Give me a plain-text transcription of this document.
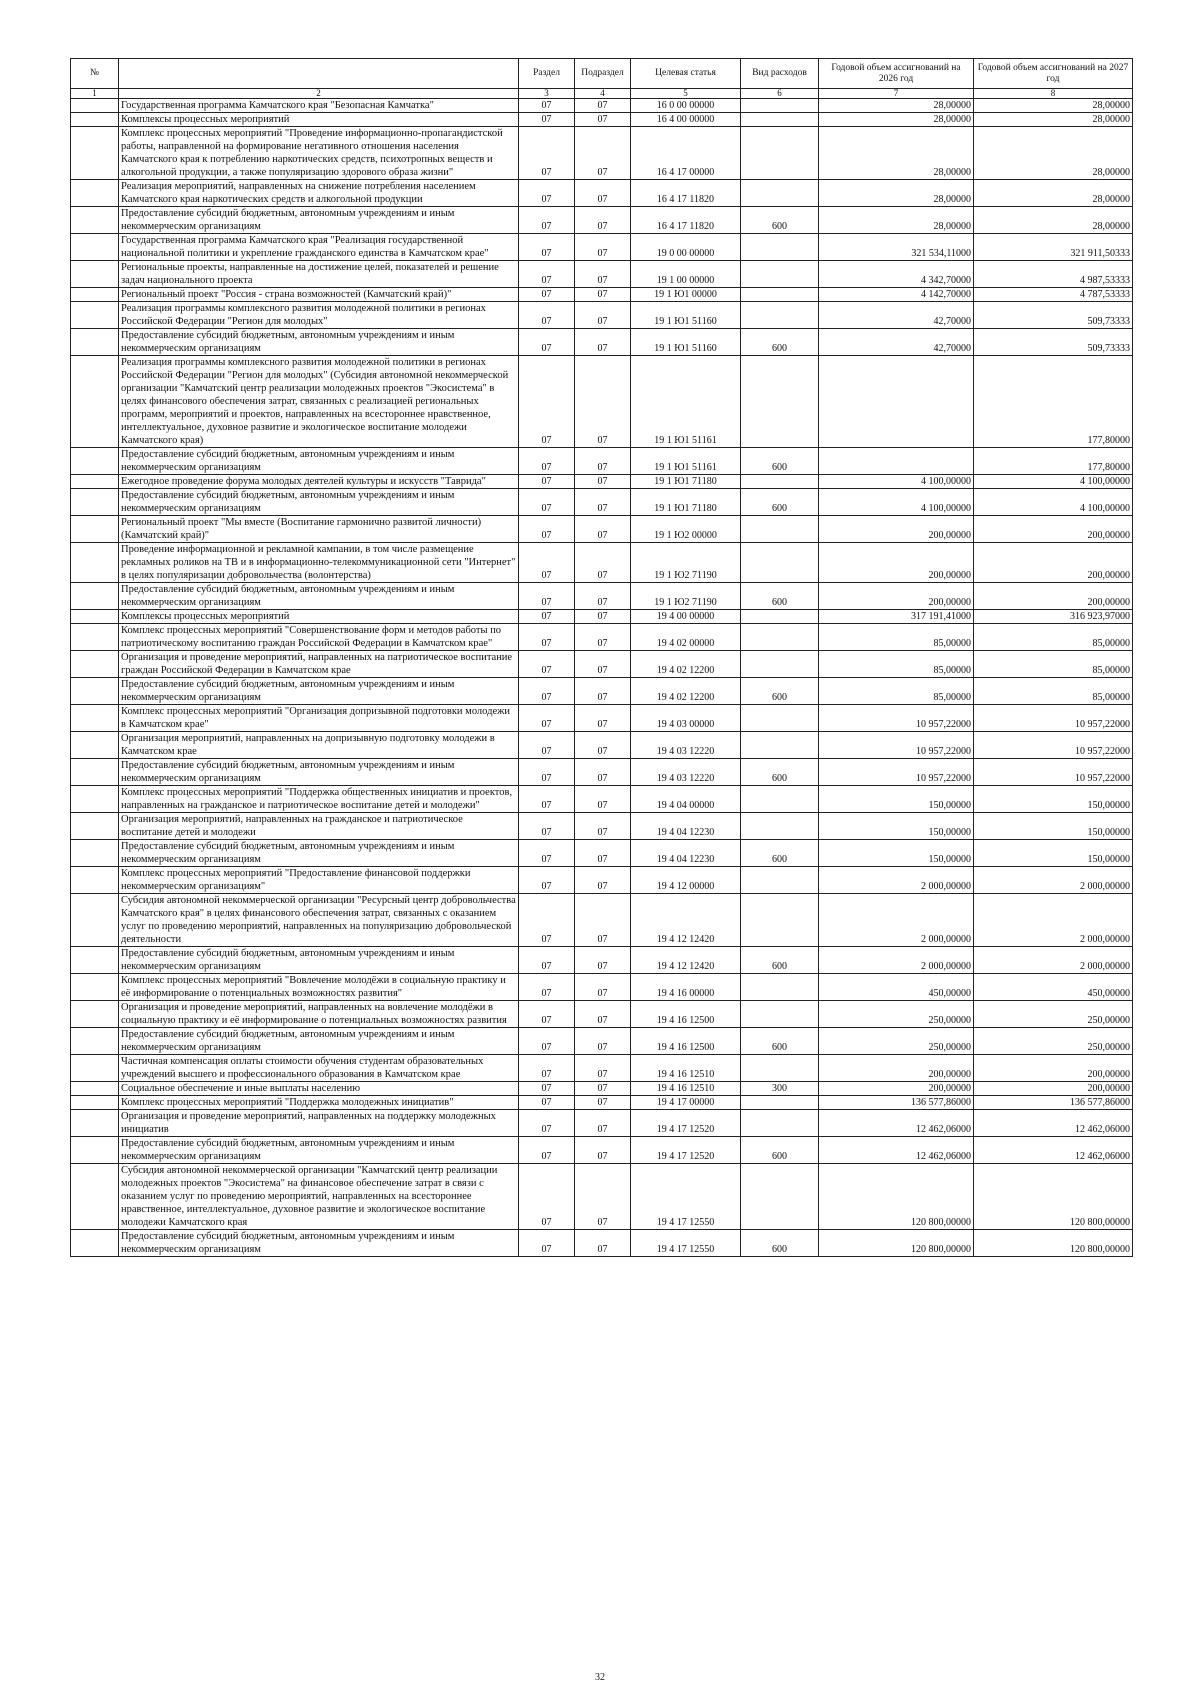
№		Раздел	Подраздел	Целевая статья	Вид расходов	Годовой объем ассигнований на 2026 год	Годовой объем ассигнований на 2027 год
1	2	3	4	5	6	7	8
	Государственная программа Камчатского края "Безопасная Камчатка"	07	07	16 0 00 00000		28,00000	28,00000
	Комплексы процессных мероприятий	07	07	16 4 00 00000		28,00000	28,00000
	Комплекс процессных мероприятий "Проведение информационно-пропагандистской работы, направленной на формирование негативного отношения населения Камчатского края к потреблению наркотических средств, психотропных веществ и алкогольной продукции, а также популяризацию здорового образа жизни"	07	07	16 4 17 00000		28,00000	28,00000
	Реализация мероприятий, направленных на снижение потребления населением Камчатского края наркотических средств и алкогольной продукции	07	07	16 4 17 11820		28,00000	28,00000
	Предоставление субсидий бюджетным, автономным учреждениям и иным некоммерческим организациям	07	07	16 4 17 11820	600	28,00000	28,00000
	Государственная программа Камчатского края "Реализация государственной национальной политики и укрепление гражданского единства в Камчатском крае"	07	07	19 0 00 00000		321 534,11000	321 911,50333
	Региональные проекты, направленные на достижение целей, показателей и решение задач национального проекта	07	07	19 1 00 00000		4 342,70000	4 987,53333
	Региональный проект "Россия - страна возможностей (Камчатский край)"	07	07	19 1 Ю1 00000		4 142,70000	4 787,53333
	Реализация программы комплексного развития молодежной политики в регионах Российской Федерации "Регион для молодых"	07	07	19 1 Ю1 51160		42,70000	509,73333
	Предоставление субсидий бюджетным, автономным учреждениям и иным некоммерческим организациям	07	07	19 1 Ю1 51160	600	42,70000	509,73333
	Реализация программы комплексного развития молодежной политики в регионах Российской Федерации "Регион для молодых" (Субсидия автономной некоммерческой организации "Камчатский центр реализации молодежных проектов "Экосистема" в целях финансового обеспечения затрат, связанных с реализацией региональных программ, мероприятий и проектов, направленных на всестороннее нравственное, интеллектуальное, духовное развитие и экологическое воспитание молодежи Камчатского края)	07	07	19 1 Ю1 51161			177,80000
	Предоставление субсидий бюджетным, автономным учреждениям и иным некоммерческим организациям	07	07	19 1 Ю1 51161	600		177,80000
	Ежегодное проведение форума молодых деятелей культуры и искусств "Таврида"	07	07	19 1 Ю1 71180		4 100,00000	4 100,00000
	Предоставление субсидий бюджетным, автономным учреждениям и иным некоммерческим организациям	07	07	19 1 Ю1 71180	600	4 100,00000	4 100,00000
	Региональный проект "Мы вместе (Воспитание гармонично развитой личности) (Камчатский край)"	07	07	19 1 Ю2 00000		200,00000	200,00000
	Проведение информационной и рекламной кампании, в том числе размещение рекламных роликов на ТВ и в информационно-телекоммуникационной сети "Интернет" в целях популяризации добровольчества (волонтерства)	07	07	19 1 Ю2 71190		200,00000	200,00000
	Предоставление субсидий бюджетным, автономным учреждениям и иным некоммерческим организациям	07	07	19 1 Ю2 71190	600	200,00000	200,00000
	Комплексы процессных мероприятий	07	07	19 4 00 00000		317 191,41000	316 923,97000
	Комплекс процессных мероприятий "Совершенствование форм и методов работы по патриотическому воспитанию граждан Российской Федерации в Камчатском крае"	07	07	19 4 02 00000		85,00000	85,00000
	Организация и проведение мероприятий, направленных на патриотическое воспитание граждан Российской Федерации в Камчатском крае	07	07	19 4 02 12200		85,00000	85,00000
	Предоставление субсидий бюджетным, автономным учреждениям и иным некоммерческим организациям	07	07	19 4 02 12200	600	85,00000	85,00000
	Комплекс процессных мероприятий "Организация допризывной подготовки молодежи в Камчатском крае"	07	07	19 4 03 00000		10 957,22000	10 957,22000
	Организация мероприятий, направленных на допризывную подготовку молодежи в Камчатском крае	07	07	19 4 03 12220		10 957,22000	10 957,22000
	Предоставление субсидий бюджетным, автономным учреждениям и иным некоммерческим организациям	07	07	19 4 03 12220	600	10 957,22000	10 957,22000
	Комплекс процессных мероприятий "Поддержка общественных инициатив и проектов, направленных на гражданское и патриотическое воспитание детей и молодежи"	07	07	19 4 04 00000		150,00000	150,00000
	Организация мероприятий, направленных на гражданское и патриотическое воспитание детей и молодежи	07	07	19 4 04 12230		150,00000	150,00000
	Предоставление субсидий бюджетным, автономным учреждениям и иным некоммерческим организациям	07	07	19 4 04 12230	600	150,00000	150,00000
	Комплекс процессных мероприятий "Предоставление финансовой поддержки некоммерческим организациям"	07	07	19 4 12 00000		2 000,00000	2 000,00000
	Субсидия автономной некоммерческой организации "Ресурсный центр добровольчества Камчатского края" в целях финансового обеспечения затрат, связанных с оказанием услуг по проведению мероприятий, направленных на популяризацию добровольческой деятельности	07	07	19 4 12 12420		2 000,00000	2 000,00000
	Предоставление субсидий бюджетным, автономным учреждениям и иным некоммерческим организациям	07	07	19 4 12 12420	600	2 000,00000	2 000,00000
	Комплекс процессных мероприятий "Вовлечение молодёжи в социальную практику и её информирование о потенциальных возможностях развития"	07	07	19 4 16 00000		450,00000	450,00000
	Организация и проведение мероприятий, направленных на вовлечение молодёжи в социальную практику и её информирование о потенциальных возможностях развития	07	07	19 4 16 12500		250,00000	250,00000
	Предоставление субсидий бюджетным, автономным учреждениям и иным некоммерческим организациям	07	07	19 4 16 12500	600	250,00000	250,00000
	Частичная компенсация оплаты стоимости обучения студентам образовательных учреждений высшего и профессионального образования в Камчатском крае	07	07	19 4 16 12510		200,00000	200,00000
	Социальное обеспечение и иные выплаты населению	07	07	19 4 16 12510	300	200,00000	200,00000
	Комплекс процессных мероприятий "Поддержка молодежных инициатив"	07	07	19 4 17 00000		136 577,86000	136 577,86000
	Организация и проведение мероприятий, направленных на поддержку молодежных инициатив	07	07	19 4 17 12520		12 462,06000	12 462,06000
	Предоставление субсидий бюджетным, автономным учреждениям и иным некоммерческим организациям	07	07	19 4 17 12520	600	12 462,06000	12 462,06000
	Субсидия автономной некоммерческой организации "Камчатский центр реализации молодежных проектов "Экосистема" на финансовое обеспечение затрат в связи с оказанием услуг по проведению мероприятий, направленных на всестороннее нравственное, интеллектуальное, духовное развитие и экологическое воспитание молодежи Камчатского края	07	07	19 4 17 12550		120 800,00000	120 800,00000
	Предоставление субсидий бюджетным, автономным учреждениям и иным некоммерческим организациям	07	07	19 4 17 12550	600	120 800,00000	120 800,00000
32
